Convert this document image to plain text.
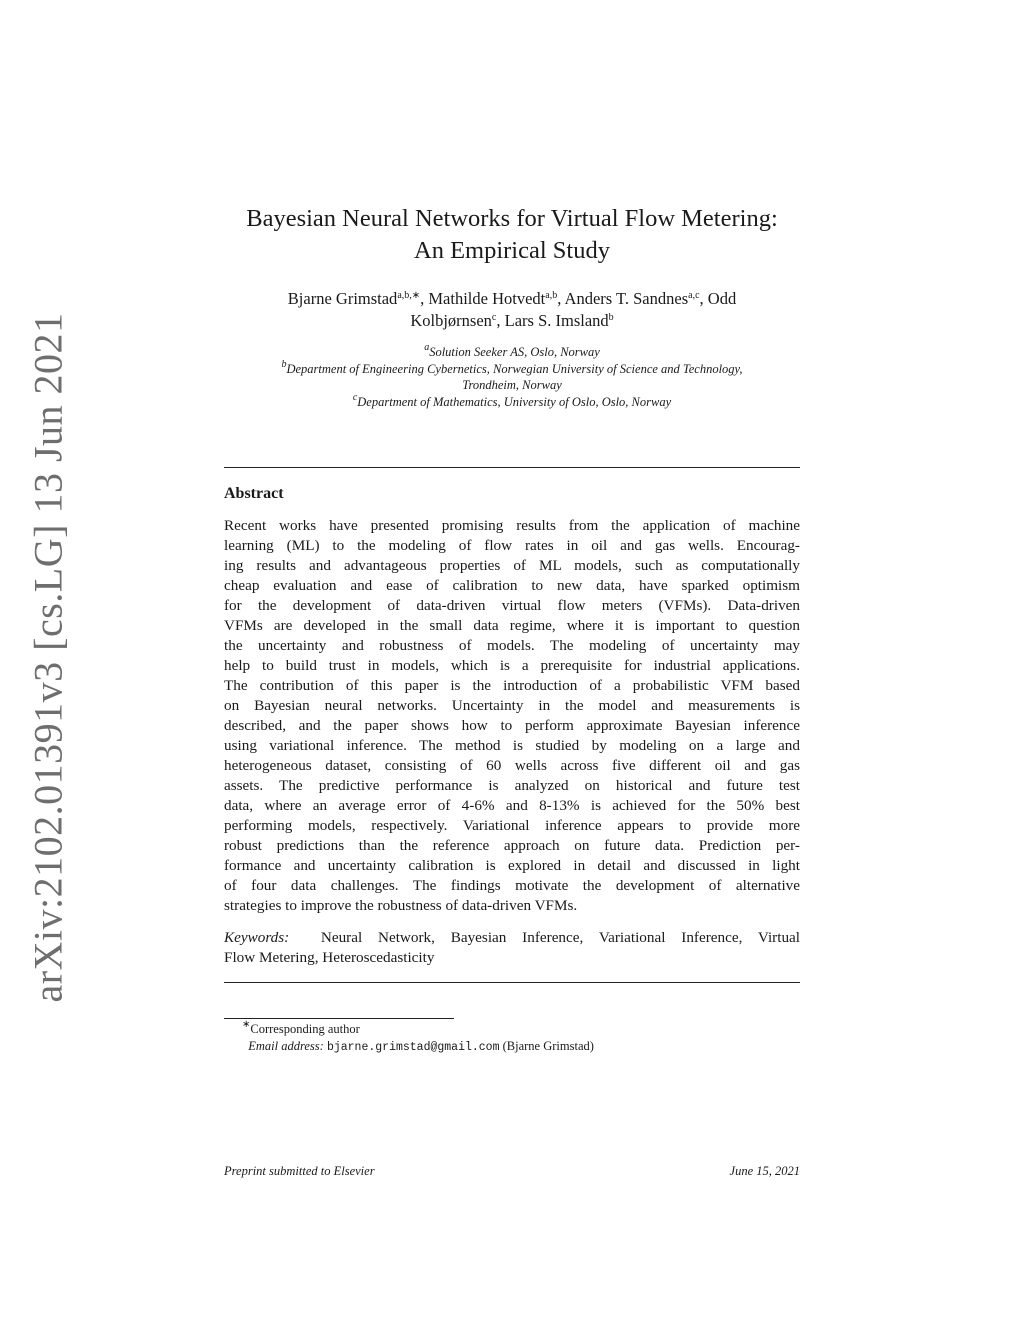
arXiv:2102.01391v3 [cs.LG] 13 Jun 2021
Bayesian Neural Networks for Virtual Flow Metering:
An Empirical Study
Bjarne Grimstad$^{a,b,∗}$, Mathilde Hotvedt$^{a,b}$, Anders T. Sandnes$^{a,c}$, Odd
Kolbjørnsen$^c$, Lars S. Imsland$^b$
$^a$Solution Seeker AS, Oslo, Norway
$^b$Department of Engineering Cybernetics, Norwegian University of Science and Technology,
Trondheim, Norway
$^c$Department of Mathematics, University of Oslo, Oslo, Norway
Abstract
Recent works have presented promising results from the application of machine
learning (ML) to the modeling of flow rates in oil and gas wells. Encourag-
ing results and advantageous properties of ML models, such as computationally
cheap evaluation and ease of calibration to new data, have sparked optimism
for the development of data-driven virtual flow meters (VFMs). Data-driven
VFMs are developed in the small data regime, where it is important to question
the uncertainty and robustness of models. The modeling of uncertainty may
help to build trust in models, which is a prerequisite for industrial applications.
The contribution of this paper is the introduction of a probabilistic VFM based
on Bayesian neural networks. Uncertainty in the model and measurements is
described, and the paper shows how to perform approximate Bayesian inference
using variational inference. The method is studied by modeling on a large and
heterogeneous dataset, consisting of 60 wells across five different oil and gas
assets. The predictive performance is analyzed on historical and future test
data, where an average error of 4-6% and 8-13% is achieved for the 50% best
performing models, respectively. Variational inference appears to provide more
robust predictions than the reference approach on future data. Prediction per-
formance and uncertainty calibration is explored in detail and discussed in light
of four data challenges. The findings motivate the development of alternative
strategies to improve the robustness of data-driven VFMs.
Keywords: Neural Network, Bayesian Inference, Variational Inference, Virtual
Flow Metering, Heteroscedasticity
∗Corresponding author
Email address: bjarne.grimstad@gmail.com (Bjarne Grimstad)
Preprint submitted to Elsevier	June 15, 2021
